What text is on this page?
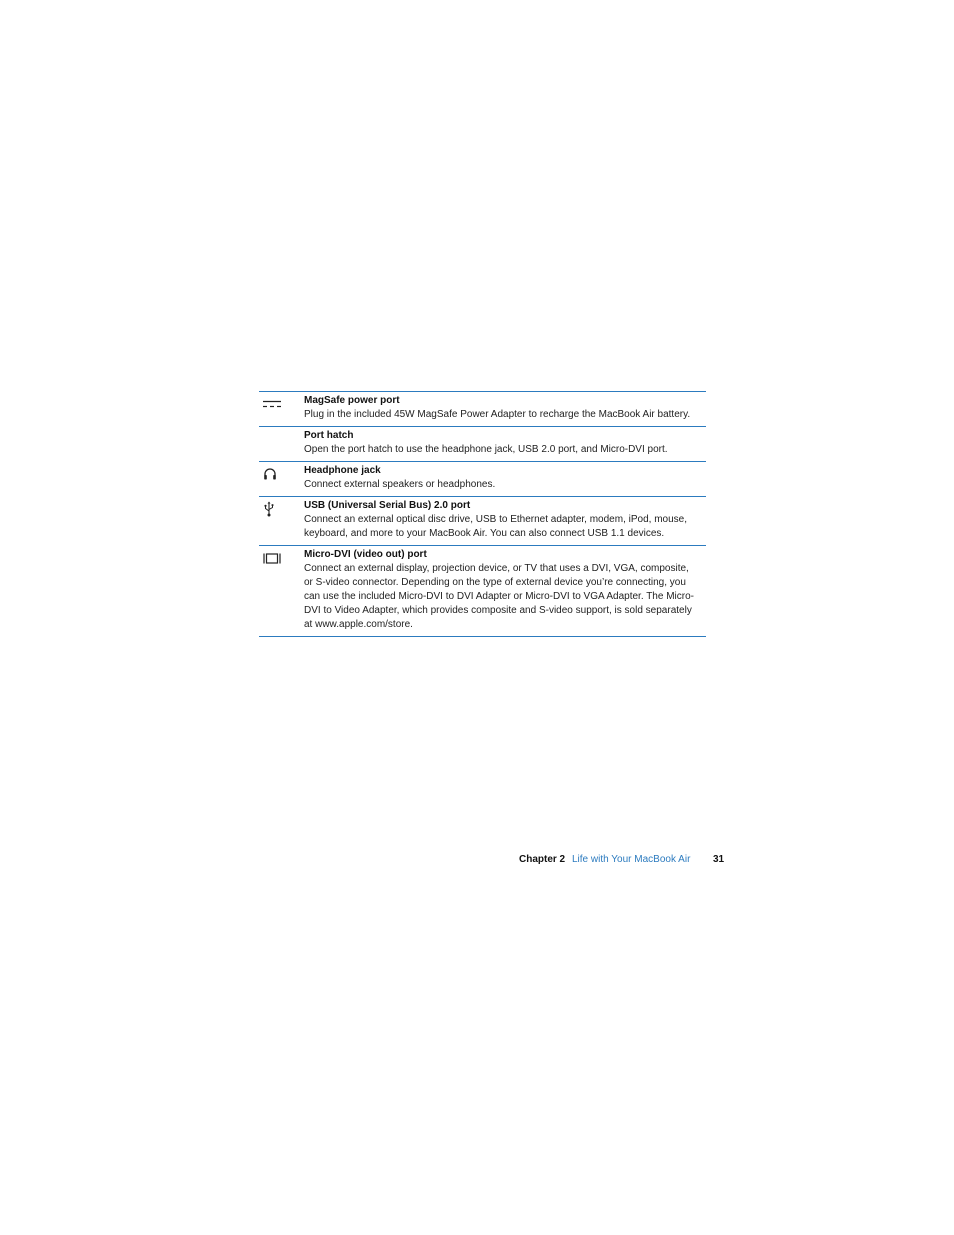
MagSafe power port
Plug in the included 45W MagSafe Power Adapter to recharge the MacBook Air battery.
Port hatch
Open the port hatch to use the headphone jack, USB 2.0 port, and Micro-DVI port.
Headphone jack
Connect external speakers or headphones.
USB (Universal Serial Bus) 2.0 port
Connect an external optical disc drive, USB to Ethernet adapter, modem, iPod, mouse, keyboard, and more to your MacBook Air. You can also connect USB 1.1 devices.
Micro-DVI (video out) port
Connect an external display, projection device, or TV that uses a DVI, VGA, composite, or S-video connector. Depending on the type of external device you’re connecting, you can use the included Micro-DVI to DVI Adapter or Micro-DVI to VGA Adapter. The Micro-DVI to Video Adapter, which provides composite and S-video support, is sold separately at www.apple.com/store.
Chapter 2 Life with Your MacBook Air 31
